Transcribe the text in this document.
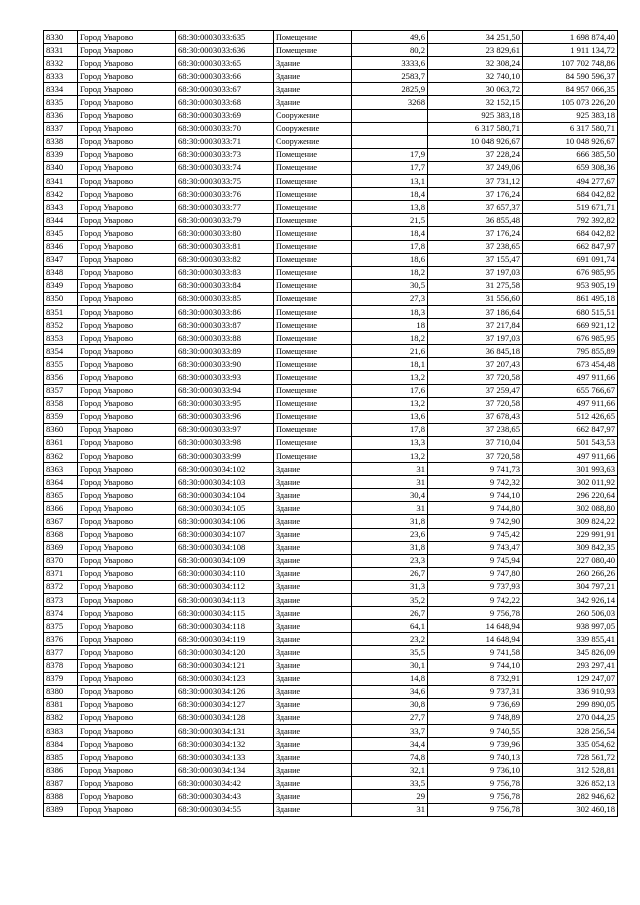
8330	Город Уварово	68:30:0003033:635	Помещение	49,6	34 251,50	1 698 874,40
8331	Город Уварово	68:30:0003033:636	Помещение	80,2	23 829,61	1 911 134,72
8332	Город Уварово	68:30:0003033:65	Здание	3333,6	32 308,24	107 702 748,86
8333	Город Уварово	68:30:0003033:66	Здание	2583,7	32 740,10	84 590 596,37
8334	Город Уварово	68:30:0003033:67	Здание	2825,9	30 063,72	84 957 066,35
8335	Город Уварово	68:30:0003033:68	Здание	3268	32 152,15	105 073 226,20
8336	Город Уварово	68:30:0003033:69	Сооружение		925 383,18	925 383,18
8337	Город Уварово	68:30:0003033:70	Сооружение		6 317 580,71	6 317 580,71
8338	Город Уварово	68:30:0003033:71	Сооружение		10 048 926,67	10 048 926,67
8339	Город Уварово	68:30:0003033:73	Помещение	17,9	37 228,24	666 385,50
8340	Город Уварово	68:30:0003033:74	Помещение	17,7	37 249,06	659 308,36
8341	Город Уварово	68:30:0003033:75	Помещение	13,1	37 731,12	494 277,67
8342	Город Уварово	68:30:0003033:76	Помещение	18,4	37 176,24	684 042,82
8343	Город Уварово	68:30:0003033:77	Помещение	13,8	37 657,37	519 671,71
8344	Город Уварово	68:30:0003033:79	Помещение	21,5	36 855,48	792 392,82
8345	Город Уварово	68:30:0003033:80	Помещение	18,4	37 176,24	684 042,82
8346	Город Уварово	68:30:0003033:81	Помещение	17,8	37 238,65	662 847,97
8347	Город Уварово	68:30:0003033:82	Помещение	18,6	37 155,47	691 091,74
8348	Город Уварово	68:30:0003033:83	Помещение	18,2	37 197,03	676 985,95
8349	Город Уварово	68:30:0003033:84	Помещение	30,5	31 275,58	953 905,19
8350	Город Уварово	68:30:0003033:85	Помещение	27,3	31 556,60	861 495,18
8351	Город Уварово	68:30:0003033:86	Помещение	18,3	37 186,64	680 515,51
8352	Город Уварово	68:30:0003033:87	Помещение	18	37 217,84	669 921,12
8353	Город Уварово	68:30:0003033:88	Помещение	18,2	37 197,03	676 985,95
8354	Город Уварово	68:30:0003033:89	Помещение	21,6	36 845,18	795 855,89
8355	Город Уварово	68:30:0003033:90	Помещение	18,1	37 207,43	673 454,48
8356	Город Уварово	68:30:0003033:93	Помещение	13,2	37 720,58	497 911,66
8357	Город Уварово	68:30:0003033:94	Помещение	17,6	37 259,47	655 766,67
8358	Город Уварово	68:30:0003033:95	Помещение	13,2	37 720,58	497 911,66
8359	Город Уварово	68:30:0003033:96	Помещение	13,6	37 678,43	512 426,65
8360	Город Уварово	68:30:0003033:97	Помещение	17,8	37 238,65	662 847,97
8361	Город Уварово	68:30:0003033:98	Помещение	13,3	37 710,04	501 543,53
8362	Город Уварово	68:30:0003033:99	Помещение	13,2	37 720,58	497 911,66
8363	Город Уварово	68:30:0003034:102	Здание	31	9 741,73	301 993,63
8364	Город Уварово	68:30:0003034:103	Здание	31	9 742,32	302 011,92
8365	Город Уварово	68:30:0003034:104	Здание	30,4	9 744,10	296 220,64
8366	Город Уварово	68:30:0003034:105	Здание	31	9 744,80	302 088,80
8367	Город Уварово	68:30:0003034:106	Здание	31,8	9 742,90	309 824,22
8368	Город Уварово	68:30:0003034:107	Здание	23,6	9 745,42	229 991,91
8369	Город Уварово	68:30:0003034:108	Здание	31,8	9 743,47	309 842,35
8370	Город Уварово	68:30:0003034:109	Здание	23,3	9 745,94	227 080,40
8371	Город Уварово	68:30:0003034:110	Здание	26,7	9 747,80	260 266,26
8372	Город Уварово	68:30:0003034:112	Здание	31,3	9 737,93	304 797,21
8373	Город Уварово	68:30:0003034:113	Здание	35,2	9 742,22	342 926,14
8374	Город Уварово	68:30:0003034:115	Здание	26,7	9 756,78	260 506,03
8375	Город Уварово	68:30:0003034:118	Здание	64,1	14 648,94	938 997,05
8376	Город Уварово	68:30:0003034:119	Здание	23,2	14 648,94	339 855,41
8377	Город Уварово	68:30:0003034:120	Здание	35,5	9 741,58	345 826,09
8378	Город Уварово	68:30:0003034:121	Здание	30,1	9 744,10	293 297,41
8379	Город Уварово	68:30:0003034:123	Здание	14,8	8 732,91	129 247,07
8380	Город Уварово	68:30:0003034:126	Здание	34,6	9 737,31	336 910,93
8381	Город Уварово	68:30:0003034:127	Здание	30,8	9 736,69	299 890,05
8382	Город Уварово	68:30:0003034:128	Здание	27,7	9 748,89	270 044,25
8383	Город Уварово	68:30:0003034:131	Здание	33,7	9 740,55	328 256,54
8384	Город Уварово	68:30:0003034:132	Здание	34,4	9 739,96	335 054,62
8385	Город Уварово	68:30:0003034:133	Здание	74,8	9 740,13	728 561,72
8386	Город Уварово	68:30:0003034:134	Здание	32,1	9 736,10	312 528,81
8387	Город Уварово	68:30:0003034:42	Здание	33,5	9 756,78	326 852,13
8388	Город Уварово	68:30:0003034:43	Здание	29	9 756,78	282 946,62
8389	Город Уварово	68:30:0003034:55	Здание	31	9 756,78	302 460,18
